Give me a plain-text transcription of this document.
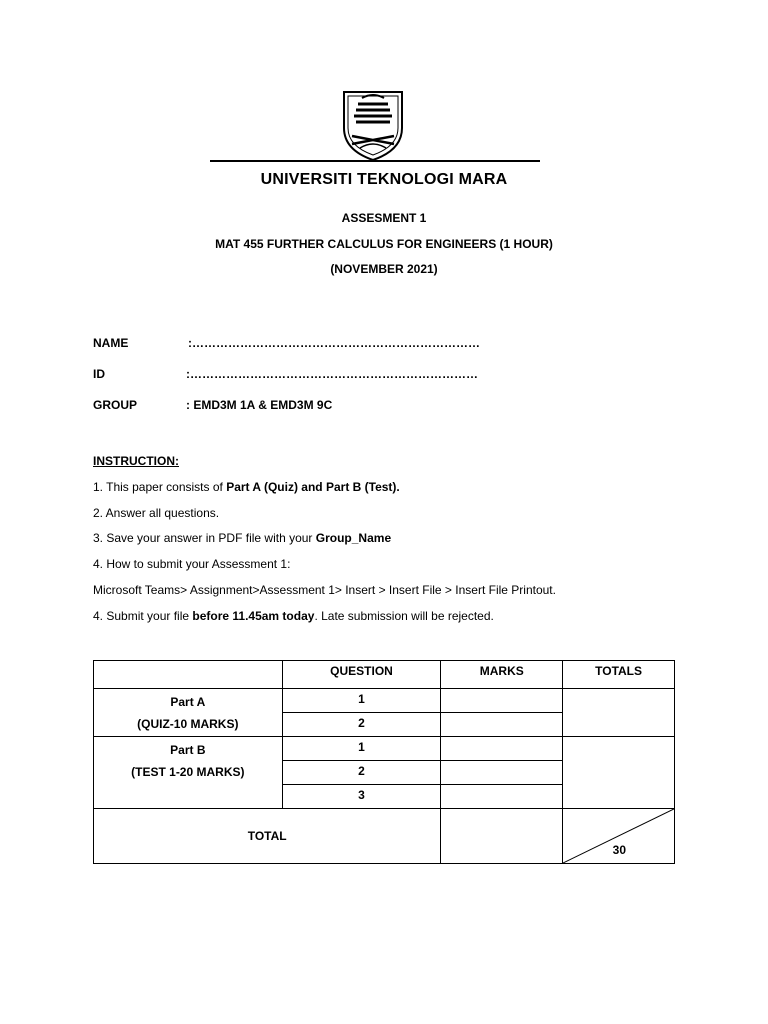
UNIVERSITI TEKNOLOGI MARA
ASSESMENT 1
MAT 455 FURTHER CALCULUS FOR ENGINEERS (1 HOUR)
(NOVEMBER 2021)
NAME	:………………………………………………………………
ID	:………………………………………………………………
GROUP	: EMD3M 1A & EMD3M 9C
INSTRUCTION:
1. This paper consists of Part A (Quiz) and Part B (Test).
2. Answer all questions.
3. Save your answer in PDF file with your Group_Name
4. How to submit your Assessment 1:
Microsoft Teams> Assignment>Assessment 1> Insert > Insert File > Insert File Printout.
4. Submit your file before 11.45am today. Late submission will be rejected.
	QUESTION	MARKS	TOTALS

Part A
(QUIZ-10 MARKS)	1		
	2		

Part B
(TEST 1-20 MARKS)	1		
	2		
	3		
TOTAL			30
